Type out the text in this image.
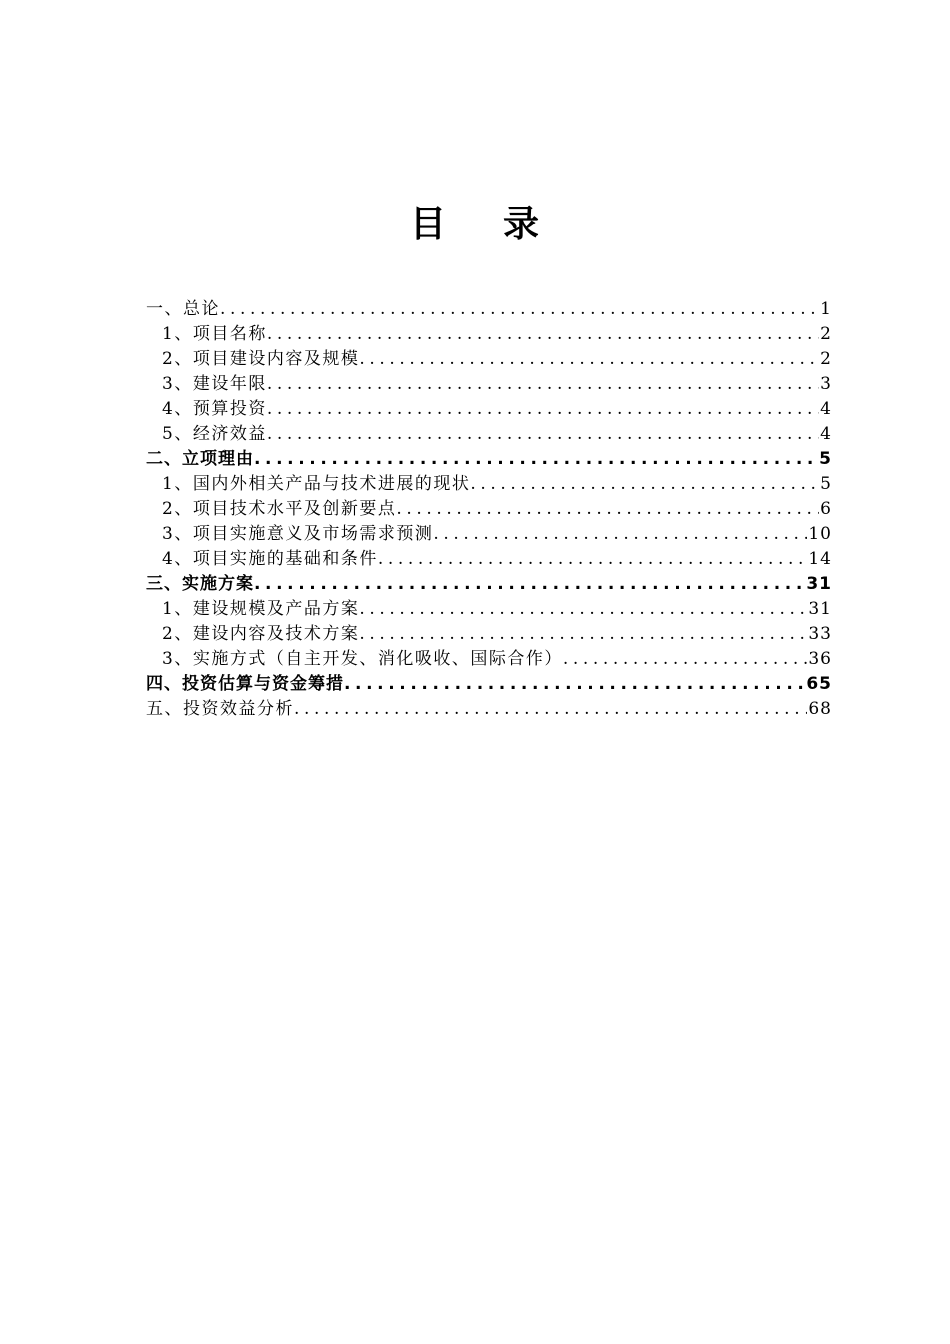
目 录
一、总论 .....	1
1、项目名称 .....	2
2、项目建设内容及规模 .....	2
3、建设年限 .....	3
4、预算投资 .....	4
5、经济效益 .....	4
二、立项理由 .....	5
1、国内外相关产品与技术进展的现状 .....	5
2、项目技术水平及创新要点 .....	6
3、项目实施意义及市场需求预测 .....	10
4、项目实施的基础和条件 .....	14
三、实施方案 .....	31
1、建设规模及产品方案 .....	31
2、建设内容及技术方案 .....	33
3、实施方式（自主开发、消化吸收、国际合作） .....	36
四、投资估算与资金筹措 .....	65
五、投资效益分析 .....	68
